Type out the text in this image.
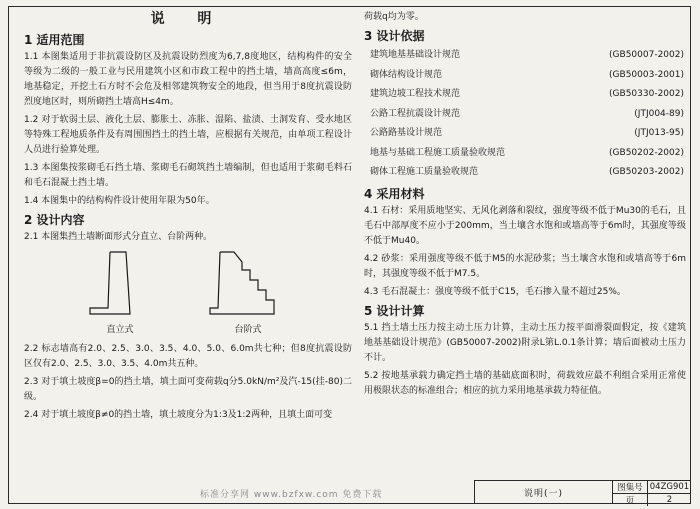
说 明
1 适用范围
1.1 本图集适用于非抗震设防区及抗震设防烈度为6,7,8度地区，结构构件的安全等级为二级的一般工业与民用建筑小区和市政工程中的挡土墙，墙高高度≤6m，地基稳定，开挖土石方时不会危及相邻建筑物安全的地段，但当用于8度抗震设防烈度地区时，则所砌挡土墙高H≤4m。
1.2 对于软弱土层、液化土层、膨胀土、冻胀、湿陷、盐渍、土洞发育、受水地区等特殊工程地质条件及有周围围挡土的挡土墙，应根据有关规范，由单项工程设计人员进行验算处理。
1.3 本图集按浆砌毛石挡土墙、浆砌毛石砌筑挡土墙编制，但也适用于浆砌毛料石和毛石混凝土挡土墙。
1.4 本图集中的结构构件设计使用年限为50年。
2 设计内容
2.1 本图集挡土墙断面形式分直立、台阶两种。
直立式	台阶式
2.2 标志墙高有2.0、2.5、3.0、3.5、4.0、5.0、6.0m共七种；但8度抗震设防区仅有2.0、2.5、3.0、3.5、4.0m共五种。
2.3 对于填土坡度β=0的挡土墙，填土面可变荷载q分5.0kN/m²及汽-15(挂-80)二级。
2.4 对于填土坡度β≠0的挡土墙，填土坡度分为1:3及1:2两种，且填土面可变
荷载q均为零。
3 设计依据
建筑地基基础设计规范	(GB50007-2002)
砌体结构设计规范	(GB50003-2001)
建筑边坡工程技术规范	(GB50330-2002)
公路工程抗震设计规范	(JTJ004-89)
公路路基设计规范	(JTJ013-95)
地基与基础工程施工质量验收规范	(GB50202-2002)
砌体工程施工质量验收规范	(GB50203-2002)
4 采用材料
4.1 石材：采用质地坚实、无风化剥落和裂纹，强度等级不低于Mu30的毛石，且毛石中部厚度不应小于200mm，当土壤含水饱和或墙高等于6m时，其强度等级不低于Mu40。
4.2 砂浆：采用强度等级不低于M5的水泥砂浆；当土壤含水饱和或墙高等于6m时，其强度等级不低于M7.5。
4.3 毛石混凝土：强度等级不低于C15，毛石掺入量不超过25%。
5 设计计算
5.1 挡土墙土压力按主动土压力计算，主动土压力按平面滑裂面假定，按《建筑地基基础设计规范》(GB50007-2002)附录L第L.0.1条计算；墙后面被动土压力不计。
5.2 按地基承载力确定挡土墙的基础底面积时，荷载效应最不利组合采用正常使用极限状态的标准组合；相应的抗力采用地基承载力特征值。
标准分享网 www.bzfxw.com 免费下载	说明(一)
图集号 04ZG901
页	2
